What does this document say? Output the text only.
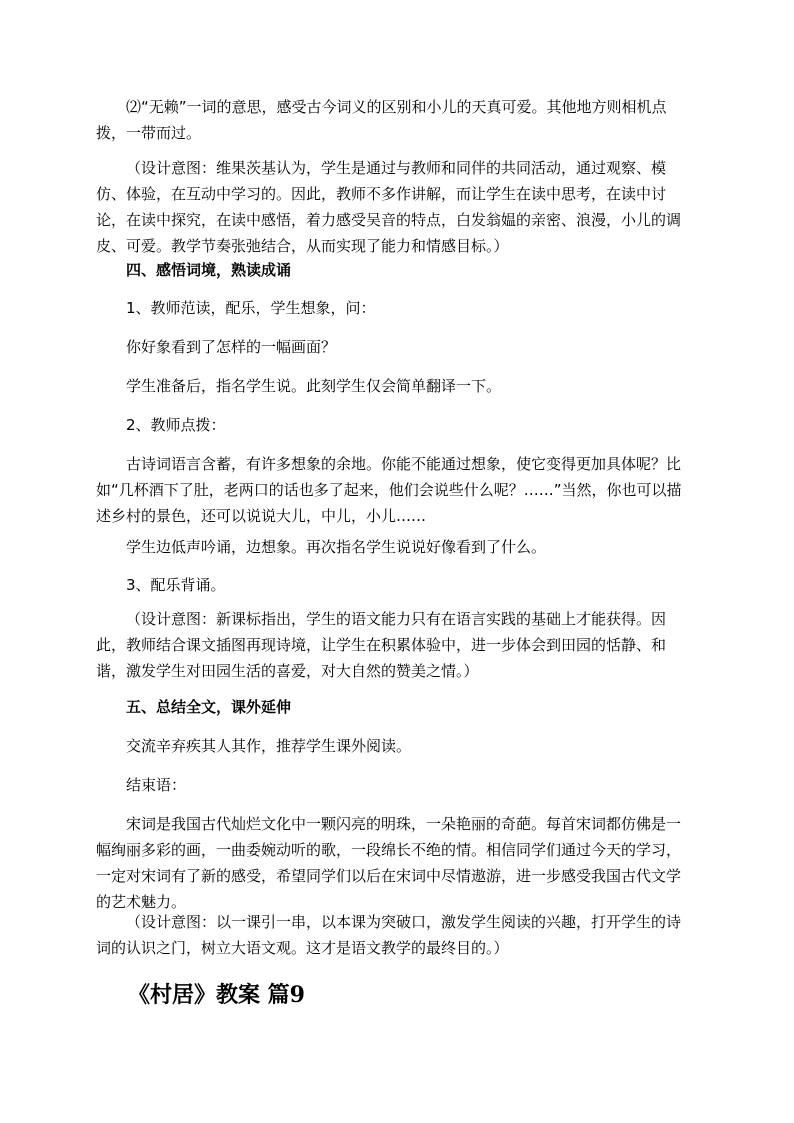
⑵“无赖”一词的意思，感受古今词义的区别和小儿的天真可爱。其他地方则相机点拨，一带而过。

（设计意图：维果茨基认为，学生是通过与教师和同伴的共同活动，通过观察、模仿、体验，在互动中学习的。因此，教师不多作讲解，而让学生在读中思考，在读中讨论，在读中探究，在读中感悟，着力感受吴音的特点，白发翁媪的亲密、浪漫，小儿的调皮、可爱。教学节奏张弛结合，从而实现了能力和情感目标。）

四、感悟词境，熟读成诵

1、教师范读，配乐，学生想象，问：

你好象看到了怎样的一幅画面？

学生准备后，指名学生说。此刻学生仅会简单翻译一下。

2、教师点拨：

古诗词语言含蓄，有许多想象的余地。你能不能通过想象，使它变得更加具体呢？比如“几杯酒下了肚，老两口的话也多了起来，他们会说些什么呢？……”当然，你也可以描述乡村的景色，还可以说说大儿，中儿，小儿……

学生边低声吟诵，边想象。再次指名学生说说好像看到了什么。

3、配乐背诵。

（设计意图：新课标指出，学生的语文能力只有在语言实践的基础上才能获得。因此，教师结合课文插图再现诗境，让学生在积累体验中，进一步体会到田园的恬静、和谐，激发学生对田园生活的喜爱，对大自然的赞美之情。）

五、总结全文，课外延伸

交流辛弃疾其人其作，推荐学生课外阅读。

结束语：

宋词是我国古代灿烂文化中一颗闪亮的明珠，一朵艳丽的奇葩。每首宋词都仿佛是一幅绚丽多彩的画，一曲委婉动听的歌，一段绵长不绝的情。相信同学们通过今天的学习，一定对宋词有了新的感受，希望同学们以后在宋词中尽情遨游，进一步感受我国古代文学的艺术魅力。

（设计意图：以一课引一串，以本课为突破口，激发学生阅读的兴趣，打开学生的诗词的认识之门，树立大语文观。这才是语文教学的最终目的。）

《村居》教案 篇9
